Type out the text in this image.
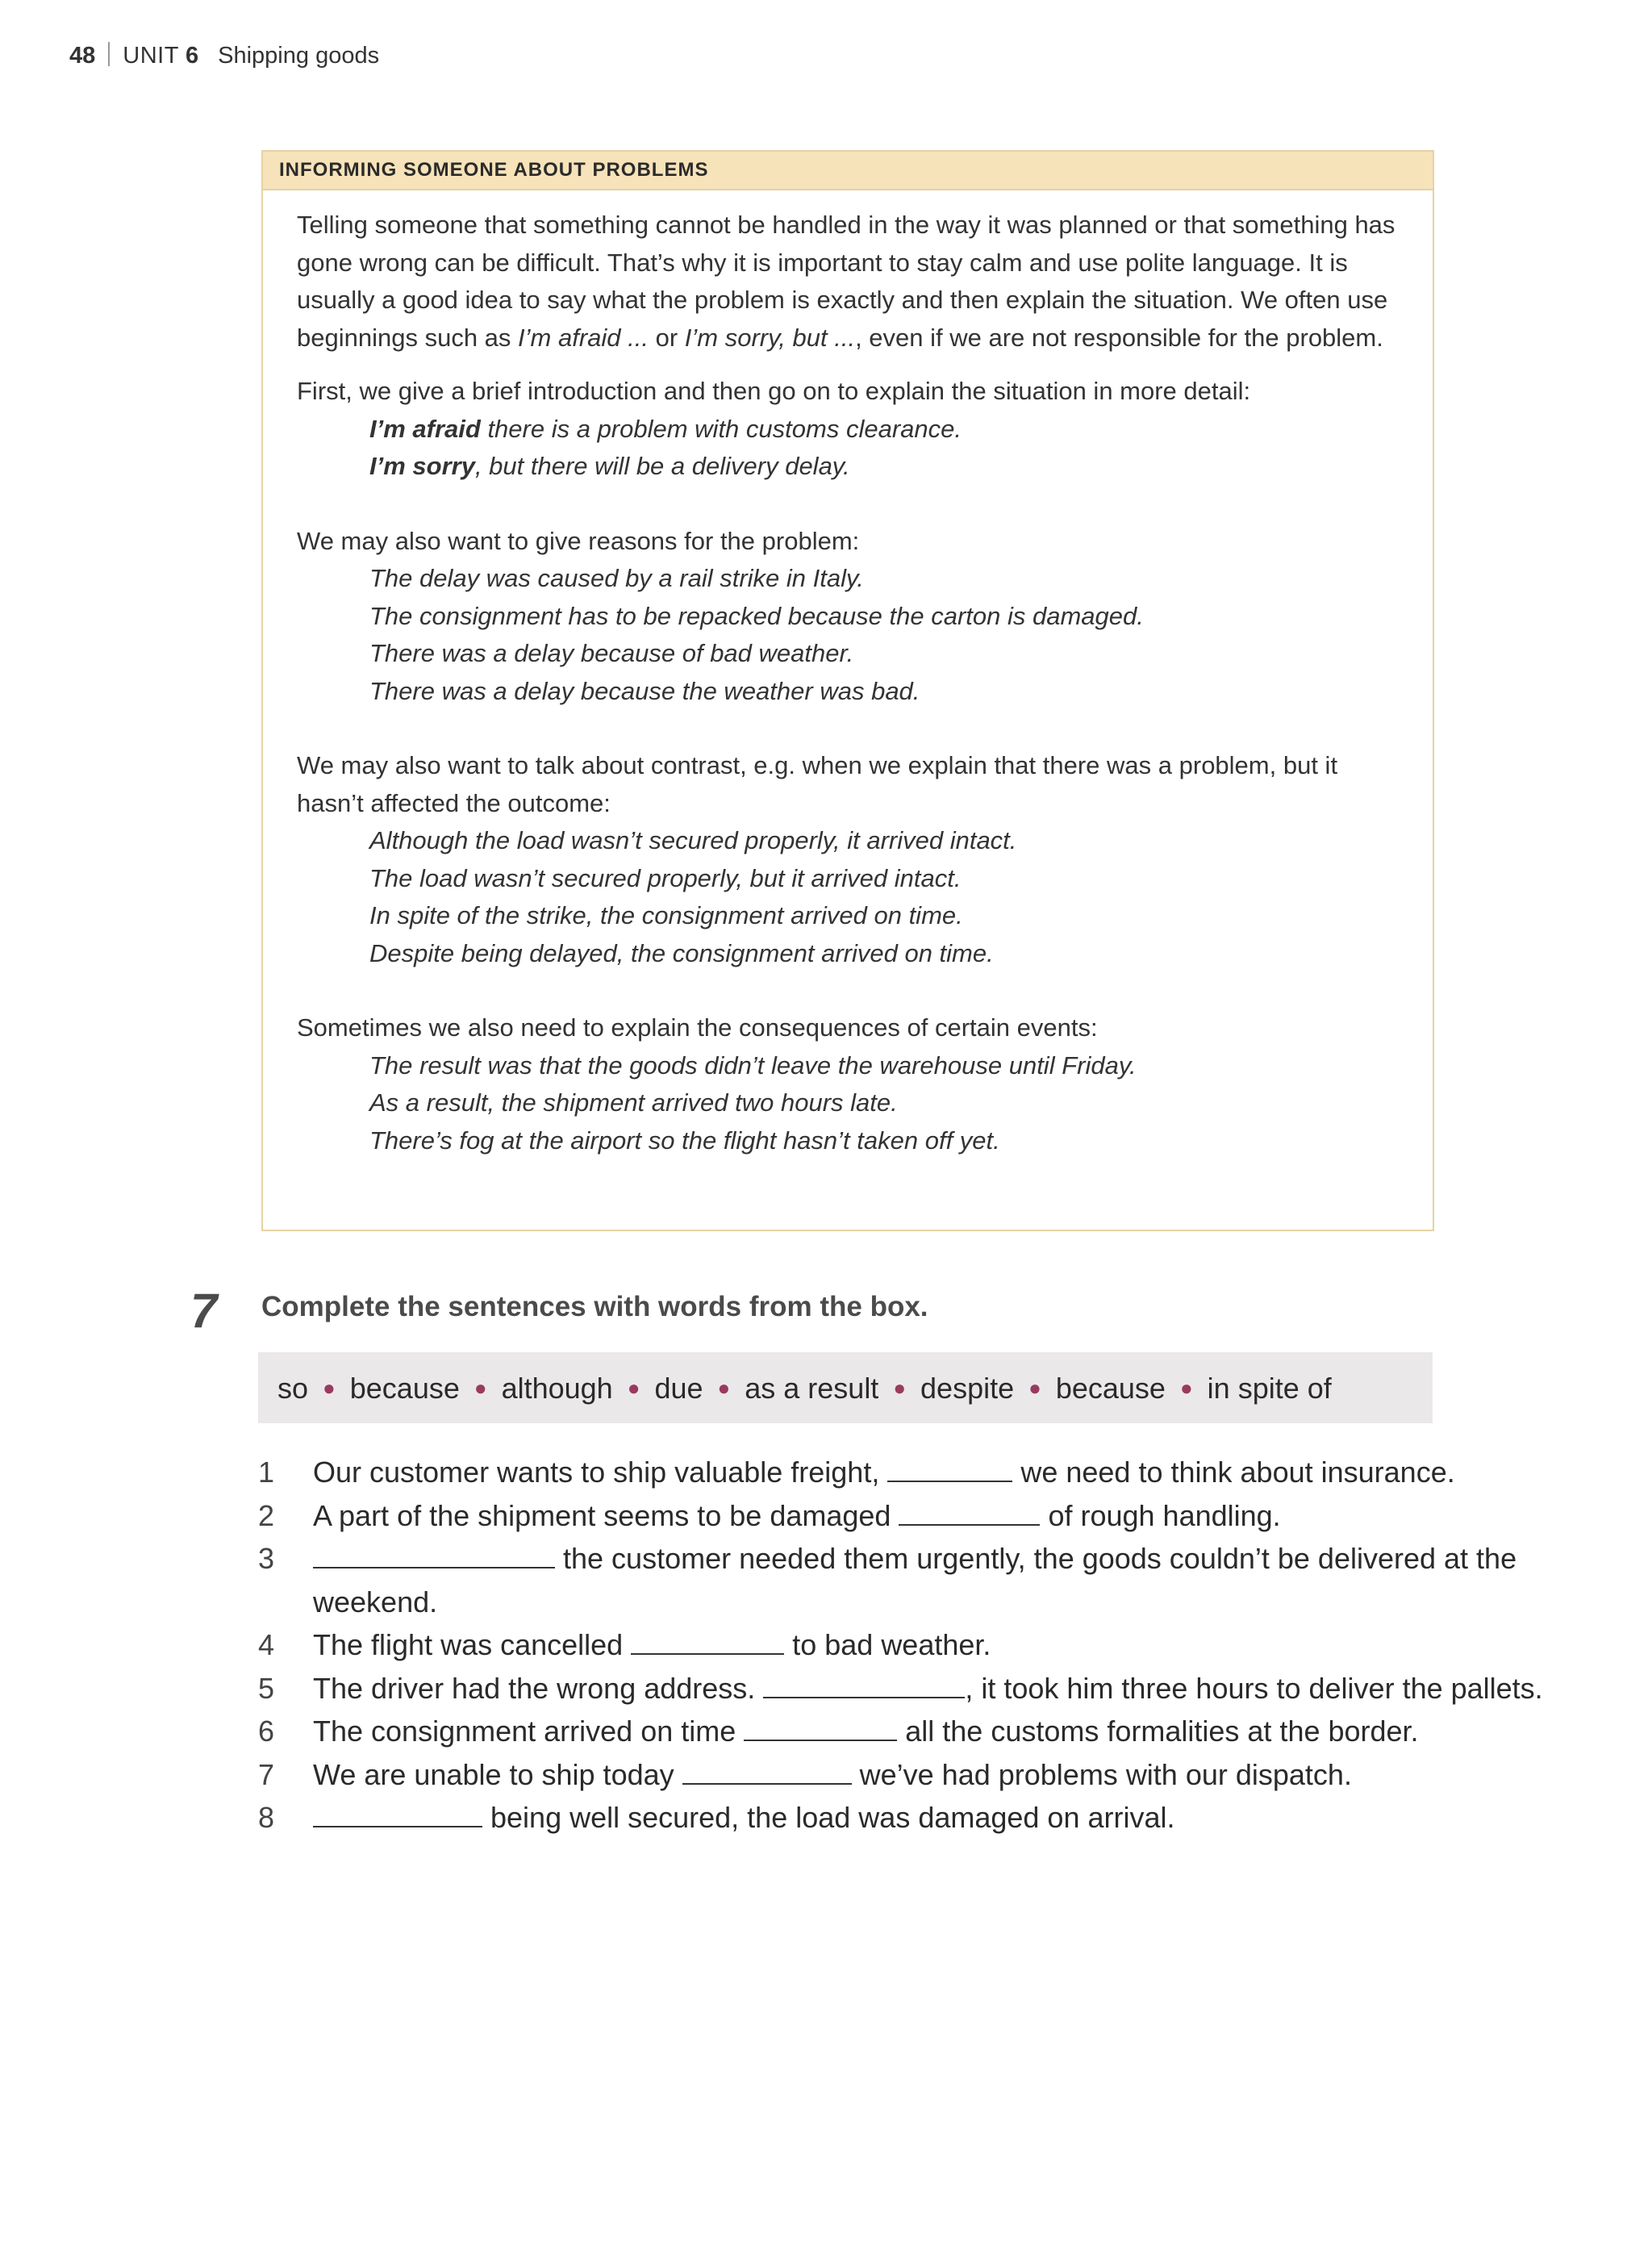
48 UNIT 6 Shipping goods
INFORMING SOMEONE ABOUT PROBLEMS

Telling someone that something cannot be handled in the way it was planned or that something has gone wrong can be difficult. That’s why it is important to stay calm and use polite language. It is usually a good idea to say what the problem is exactly and then explain the situation. We often use beginnings such as I’m afraid ... or I’m sorry, but ..., even if we are not responsible for the problem.

First, we give a brief introduction and then go on to explain the situation in more detail:

I’m afraid there is a problem with customs clearance.
I’m sorry, but there will be a delivery delay.

We may also want to give reasons for the problem:

The delay was caused by a rail strike in Italy.
The consignment has to be repacked because the carton is damaged.
There was a delay because of bad weather.
There was a delay because the weather was bad.

We may also want to talk about contrast, e.g. when we explain that there was a problem, but it hasn’t affected the outcome:

Although the load wasn’t secured properly, it arrived intact.
The load wasn’t secured properly, but it arrived intact.
In spite of the strike, the consignment arrived on time.
Despite being delayed, the consignment arrived on time.

Sometimes we also need to explain the consequences of certain events:

The result was that the goods didn’t leave the warehouse until Friday.
As a result, the shipment arrived two hours late.
There’s fog at the airport so the flight hasn’t taken off yet.
7 Complete the sentences with words from the box.
so ● because ● although ● due ● as a result ● despite ● because ● in spite of
1	Our customer wants to ship valuable freight,	we need to think about insurance.
2	A part of the shipment seems to be damaged	of rough handling.
3	the customer needed them urgently, the goods couldn’t be delivered at the weekend.
4	The flight was cancelled	to bad weather.
5	The driver had the wrong address.	, it took him three hours to deliver the pallets.
6	The consignment arrived on time	all the customs formalities at the border.
7	We are unable to ship today	we’ve had problems with our dispatch.
8	being well secured, the load was damaged on arrival.
